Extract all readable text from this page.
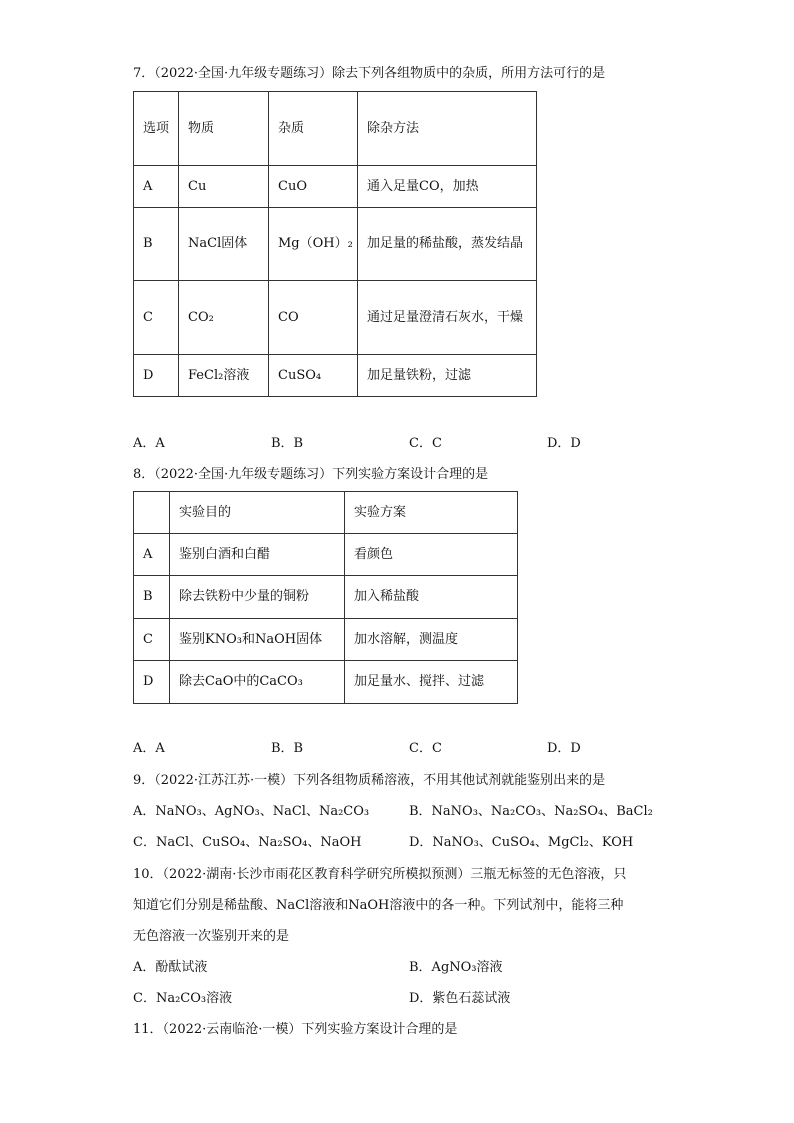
7．（2022·全国·九年级专题练习）除去下列各组物质中的杂质，所用方法可行的是
选项	物质	杂质	除杂方法
A	Cu	CuO	通入足量CO，加热
B	NaCl固体	Mg（OH）₂	加足量的稀盐酸，蒸发结晶
C	CO₂	CO	通过足量澄清石灰水，干燥
D	FeCl₂溶液	CuSO₄	加足量铁粉，过滤
A．A	B．B	C．C	D．D
8．（2022·全国·九年级专题练习）下列实验方案设计合理的是
	实验目的	实验方案
A	鉴别白酒和白醋	看颜色
B	除去铁粉中少量的铜粉	加入稀盐酸
C	鉴别KNO₃和NaOH固体	加水溶解，测温度
D	除去CaO中的CaCO₃	加足量水、搅拌、过滤
A．A	B．B	C．C	D．D
9．（2022·江苏江苏·一模）下列各组物质稀溶液，不用其他试剂就能鉴别出来的是
A．NaNO₃、AgNO₃、NaCl、Na₂CO₃	B．NaNO₃、Na₂CO₃、Na₂SO₄、BaCl₂
C．NaCl、CuSO₄、Na₂SO₄、NaOH	D．NaNO₃、CuSO₄、MgCl₂、KOH
10．（2022·湖南·长沙市雨花区教育科学研究所模拟预测）三瓶无标签的无色溶液，只
知道它们分别是稀盐酸、NaCl溶液和NaOH溶液中的各一种。下列试剂中，能将三种
无色溶液一次鉴别开来的是
A．酚酞试液	B．AgNO₃溶液
C．Na₂CO₃溶液	D．紫色石蕊试液
11．（2022·云南临沧·一模）下列实验方案设计合理的是
